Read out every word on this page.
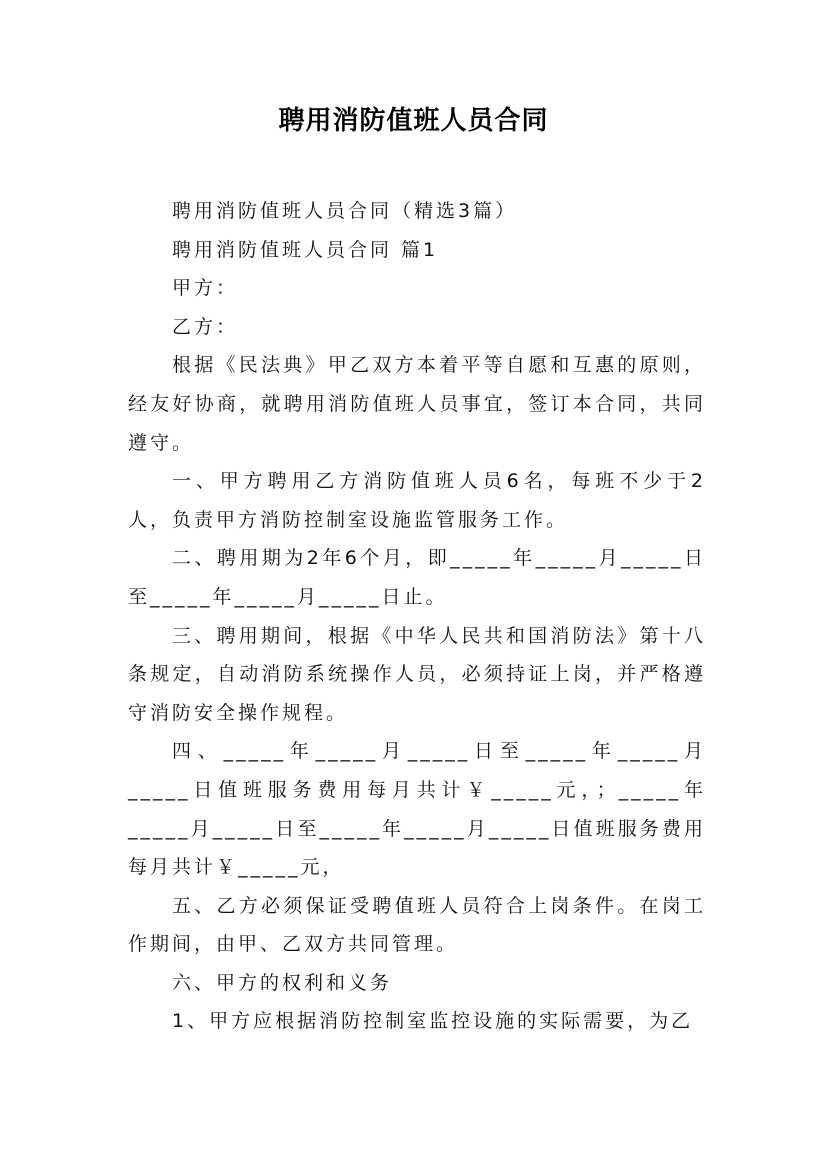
聘用消防值班人员合同

聘用消防值班人员合同（精选3篇）

聘用消防值班人员合同 篇1

甲方：

乙方：

根据《民法典》甲乙双方本着平等自愿和互惠的原则，经友好协商，就聘用消防值班人员事宜，签订本合同，共同遵守。

一、甲方聘用乙方消防值班人员6名，每班不少于2人，负责甲方消防控制室设施监管服务工作。

二、聘用期为2年6个月，即_____年_____月_____日至_____年_____月_____日止。

三、聘用期间，根据《中华人民共和国消防法》第十八条规定，自动消防系统操作人员，必须持证上岗，并严格遵守消防安全操作规程。

四、_____年_____月_____日至_____年_____月_____日值班服务费用每月共计￥_____元，；_____年_____月_____日至_____年_____月_____日值班服务费用每月共计￥_____元，

五、乙方必须保证受聘值班人员符合上岗条件。在岗工作期间，由甲、乙双方共同管理。

六、甲方的权利和义务

1、甲方应根据消防控制室监控设施的实际需要，为乙
